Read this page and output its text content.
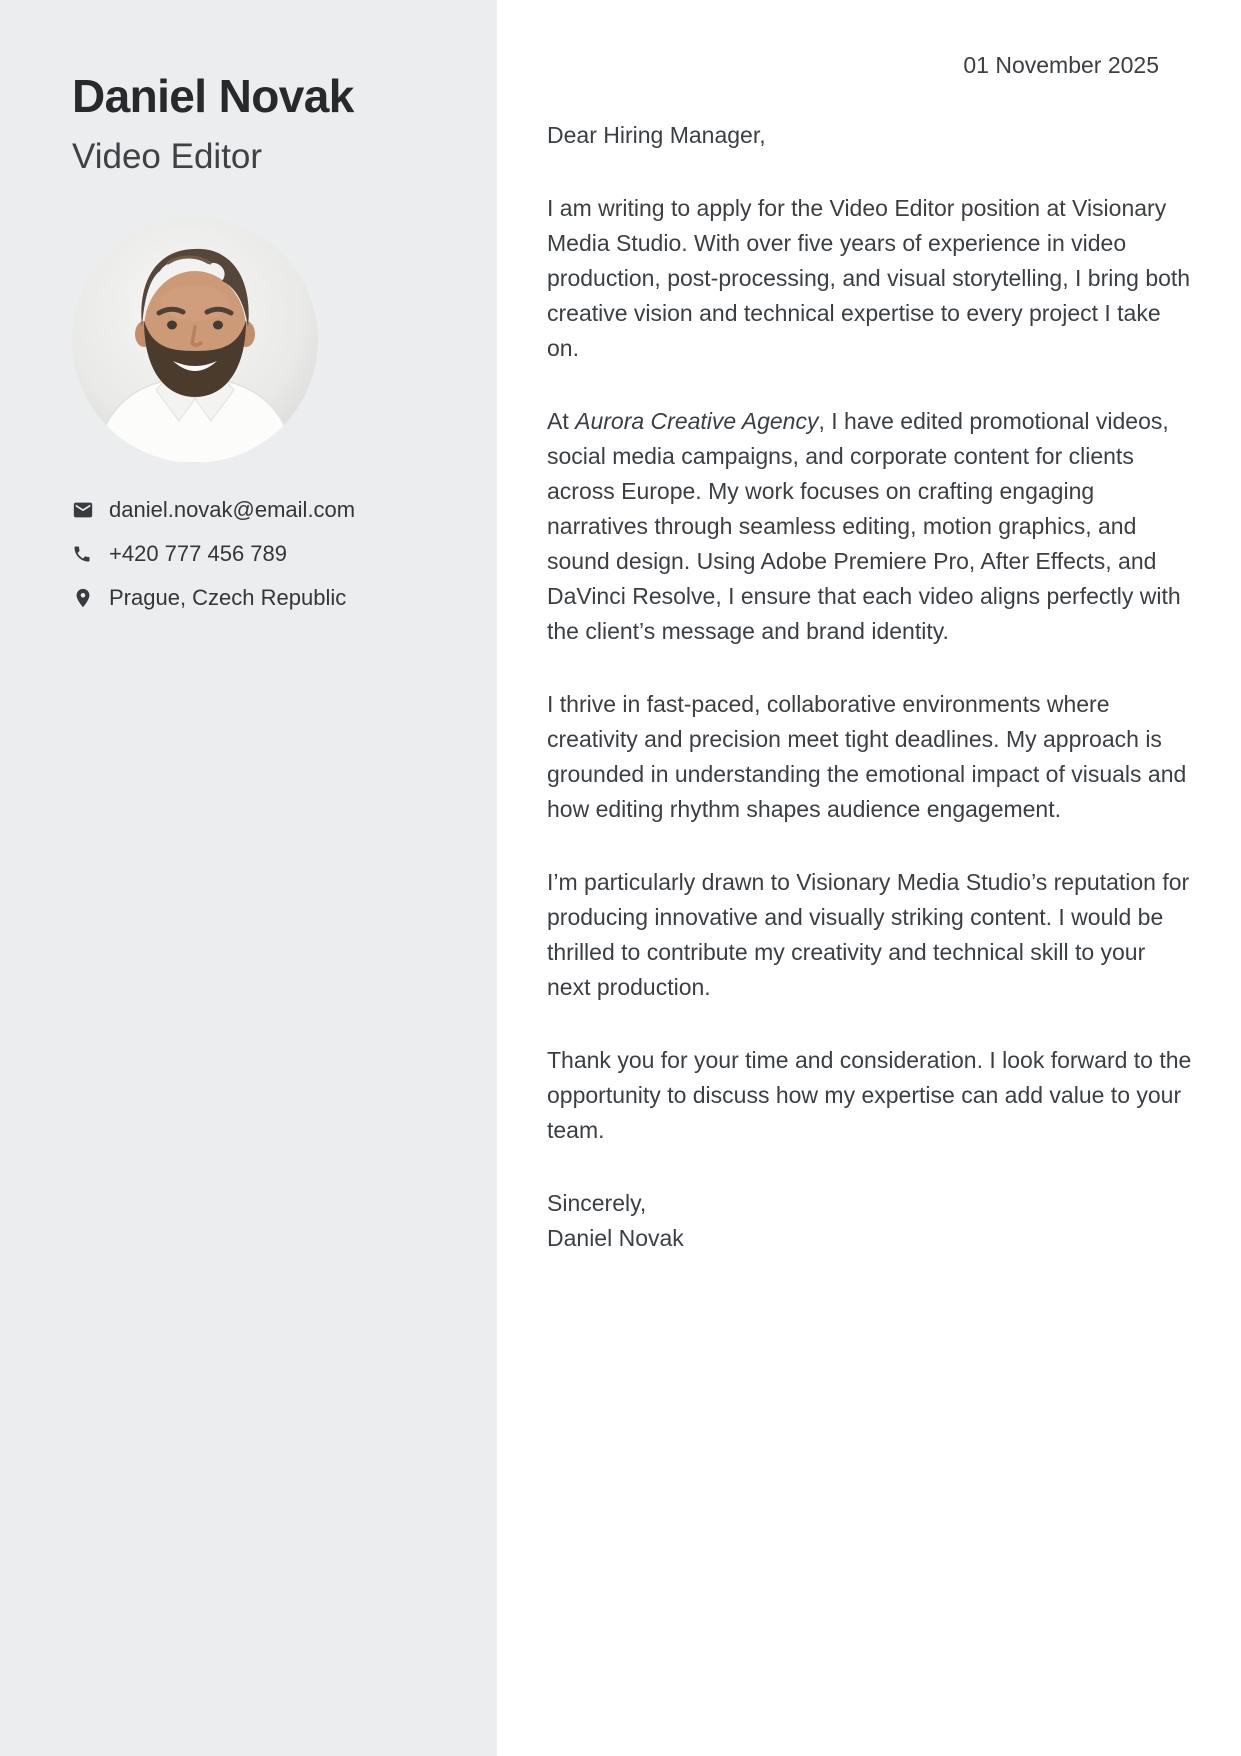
Daniel Novak
Video Editor
daniel.novak@email.com
+420 777 456 789
Prague, Czech Republic

01 November 2025

Dear Hiring Manager,

I am writing to apply for the Video Editor position at Visionary Media Studio. With over five years of experience in video production, post-processing, and visual storytelling, I bring both creative vision and technical expertise to every project I take on.

At Aurora Creative Agency, I have edited promotional videos, social media campaigns, and corporate content for clients across Europe. My work focuses on crafting engaging narratives through seamless editing, motion graphics, and sound design. Using Adobe Premiere Pro, After Effects, and DaVinci Resolve, I ensure that each video aligns perfectly with the client’s message and brand identity.

I thrive in fast-paced, collaborative environments where creativity and precision meet tight deadlines. My approach is grounded in understanding the emotional impact of visuals and how editing rhythm shapes audience engagement.

I’m particularly drawn to Visionary Media Studio’s reputation for producing innovative and visually striking content. I would be thrilled to contribute my creativity and technical skill to your next production.

Thank you for your time and consideration. I look forward to the opportunity to discuss how my expertise can add value to your team.

Sincerely,

Daniel Novak
